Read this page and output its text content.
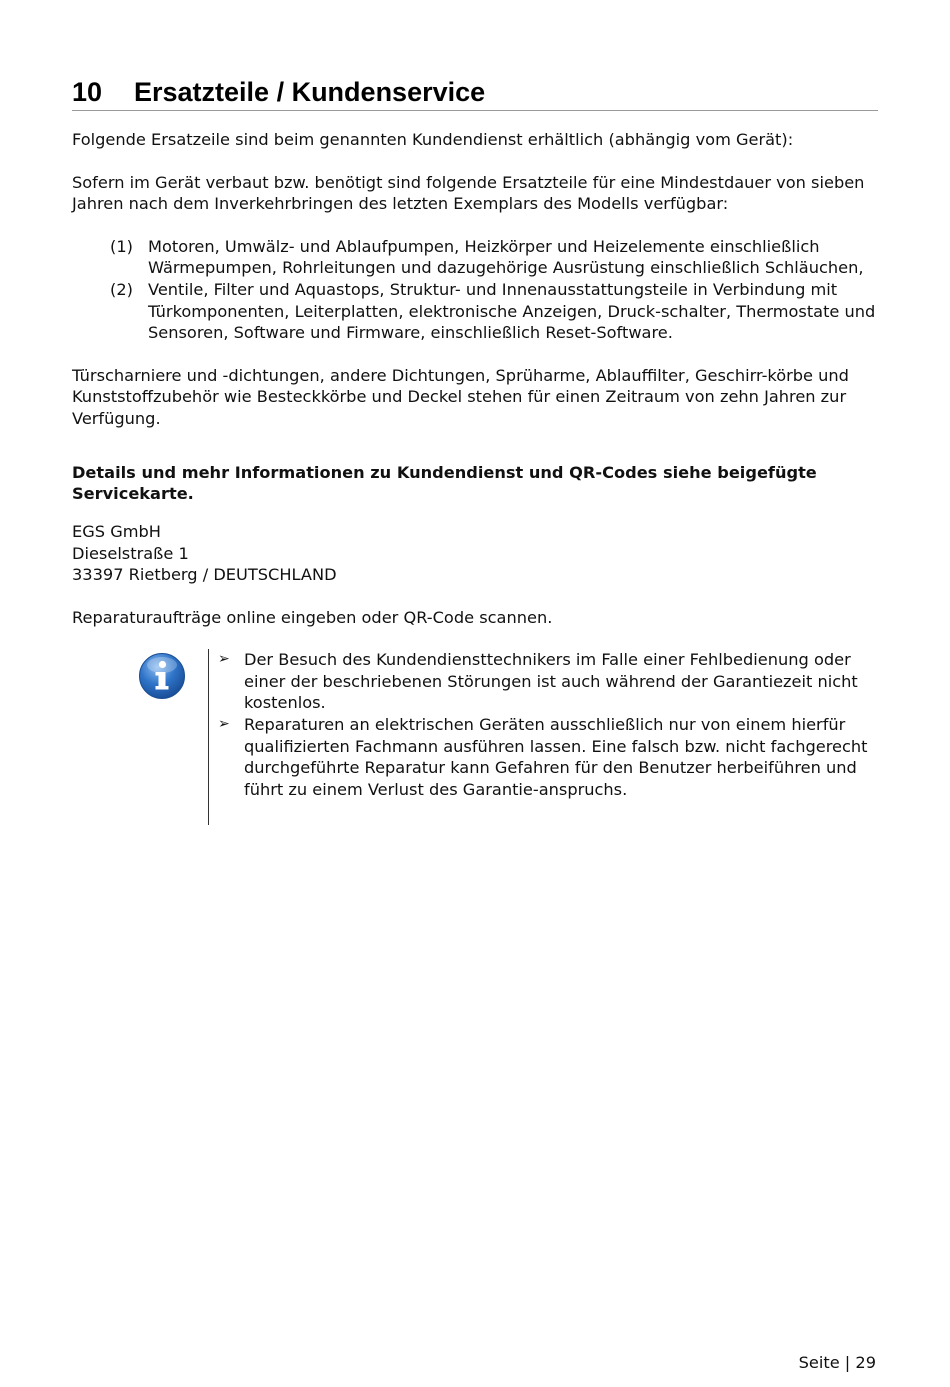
10	Ersatzteile / Kundenservice

Folgende Ersatzeile sind beim genannten Kundendienst erhältlich (abhängig vom Gerät):

Sofern im Gerät verbaut bzw. benötigt sind folgende Ersatzteile für eine Mindestdauer von sieben Jahren nach dem Inverkehrbringen des letzten Exemplars des Modells verfügbar:

(1) Motoren, Umwälz- und Ablaufpumpen, Heizkörper und Heizelemente einschließlich Wärmepumpen, Rohrleitungen und dazugehörige Ausrüstung einschließlich Schläuchen,
(2) Ventile, Filter und Aquastops, Struktur- und Innenausstattungsteile in Verbindung mit Türkomponenten, Leiterplatten, elektronische Anzeigen, Druck-schalter, Thermostate und Sensoren, Software und Firmware, einschließlich Reset-Software.

Türscharniere und -dichtungen, andere Dichtungen, Sprüharme, Ablauffilter, Geschirr-körbe und Kunststoffzubehör wie Besteckkörbe und Deckel stehen für einen Zeitraum von zehn Jahren zur Verfügung.

Details und mehr Informationen zu Kundendienst und QR-Codes siehe beigefügte Servicekarte.

EGS GmbH

Dieselstraße 1

33397 Rietberg / DEUTSCHLAND

Reparaturaufträge online eingeben oder QR-Code scannen.

➢ Der Besuch des Kundendiensttechnikers im Falle einer Fehlbedienung oder einer der beschriebenen Störungen ist auch während der Garantiezeit nicht kostenlos.
➢ Reparaturen an elektrischen Geräten ausschließlich nur von einem hierfür qualifizierten Fachmann ausführen lassen. Eine falsch bzw. nicht fachgerecht durchgeführte Reparatur kann Gefahren für den Benutzer herbeiführen und führt zu einem Verlust des Garantie-anspruchs.
Seite | 29
